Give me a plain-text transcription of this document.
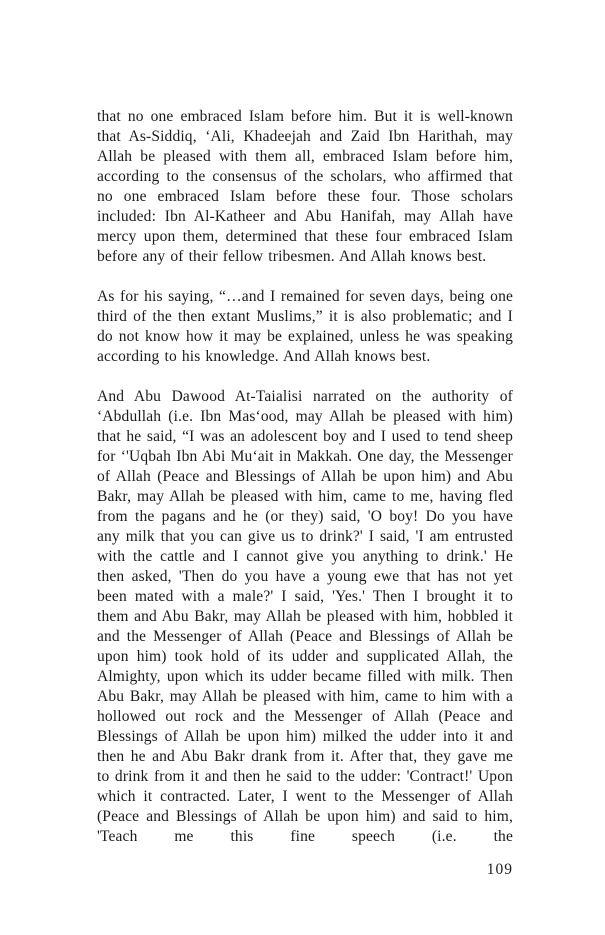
that no one embraced Islam before him. But it is well-known that As-Siddiq, ‘Ali, Khadeejah and Zaid Ibn Harithah, may Allah be pleased with them all, embraced Islam before him, according to the consensus of the scholars, who affirmed that no one embraced Islam before these four. Those scholars included: Ibn Al-Katheer and Abu Hanifah, may Allah have mercy upon them, determined that these four embraced Islam before any of their fellow tribesmen. And Allah knows best.

As for his saying, “…and I remained for seven days, being one third of the then extant Muslims,” it is also problematic; and I do not know how it may be explained, unless he was speaking according to his knowledge. And Allah knows best.

And Abu Dawood At-Taialisi narrated on the authority of ‘Abdullah (i.e. Ibn Mas‘ood, may Allah be pleased with him) that he said, “I was an adolescent boy and I used to tend sheep for ‘'Uqbah Ibn Abi Mu‘ait in Makkah. One day, the Messenger of Allah (Peace and Blessings of Allah be upon him) and Abu Bakr, may Allah be pleased with him, came to me, having fled from the pagans and he (or they) said, 'O boy! Do you have any milk that you can give us to drink?' I said, 'I am entrusted with the cattle and I cannot give you anything to drink.' He then asked, 'Then do you have a young ewe that has not yet been mated with a male?' I said, 'Yes.' Then I brought it to them and Abu Bakr, may Allah be pleased with him, hobbled it and the Messenger of Allah (Peace and Blessings of Allah be upon him) took hold of its udder and supplicated Allah, the Almighty, upon which its udder became filled with milk. Then Abu Bakr, may Allah be pleased with him, came to him with a hollowed out rock and the Messenger of Allah (Peace and Blessings of Allah be upon him) milked the udder into it and then he and Abu Bakr drank from it. After that, they gave me to drink from it and then he said to the udder: 'Contract!' Upon which it contracted. Later, I went to the Messenger of Allah (Peace and Blessings of Allah be upon him) and said to him, 'Teach me this fine speech (i.e. the

109
